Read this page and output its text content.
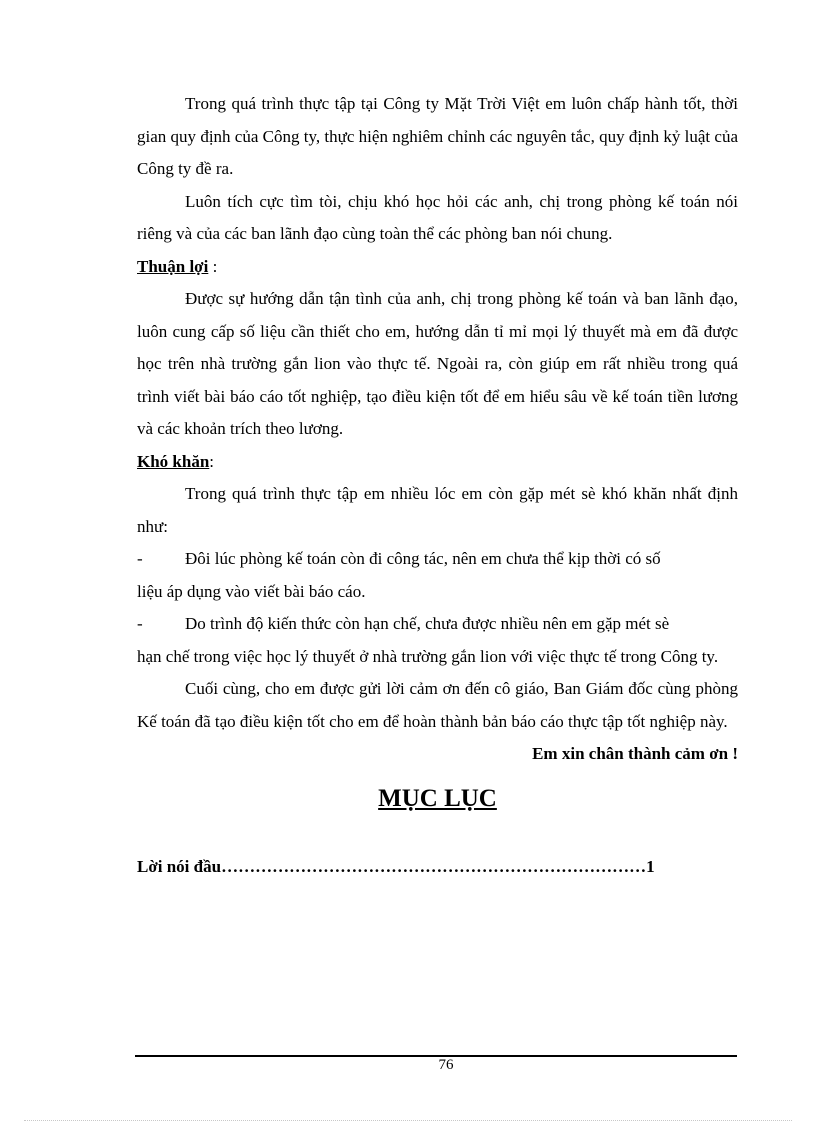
Trong quá trình thực tập tại Công ty Mặt Trời Việt em luôn chấp hành tốt, thời gian quy định của Công ty, thực hiện nghiêm chỉnh các nguyên tắc, quy định kỷ luật của Công ty đề ra.

Luôn tích cực tìm tòi, chịu khó học hỏi các anh, chị trong phòng kế toán nói riêng và của các ban lãnh đạo cùng toàn thể các phòng ban nói chung.

Thuận lợi :

Được sự hướng dẫn tận tình của anh, chị trong phòng kế toán và ban lãnh đạo, luôn cung cấp số liệu cần thiết cho em, hướng dẫn tỉ mỉ mọi lý thuyết mà em đã được học trên nhà trường gắn lion vào thực tế. Ngoài ra, còn giúp em rất nhiều trong quá trình viết bài báo cáo tốt nghiệp, tạo điều kiện tốt để em hiểu sâu về kế toán tiền lương và các khoản trích theo lương.

Khó khăn:

Trong quá trình thực tập em nhiều lóc em còn gặp mét sè khó khăn nhất định như:

- Đôi lúc phòng kế toán còn đi công tác, nên em chưa thể kịp thời có số
liệu áp dụng vào viết bài báo cáo.
- Do trình độ kiến thức còn hạn chế, chưa được nhiều nên em gặp mét sè
hạn chế trong việc học lý thuyết ở nhà trường gắn lion với việc thực tế trong Công ty.

Cuối cùng, cho em được gửi lời cảm ơn đến cô giáo, Ban Giám đốc cùng phòng Kế toán đã tạo điều kiện tốt cho em để hoàn thành bản báo cáo thực tập tốt nghiệp này.

Em xin chân thành cảm ơn !

MỤC LỤC
Lời nói đầu…………………………………………………………………1
76
